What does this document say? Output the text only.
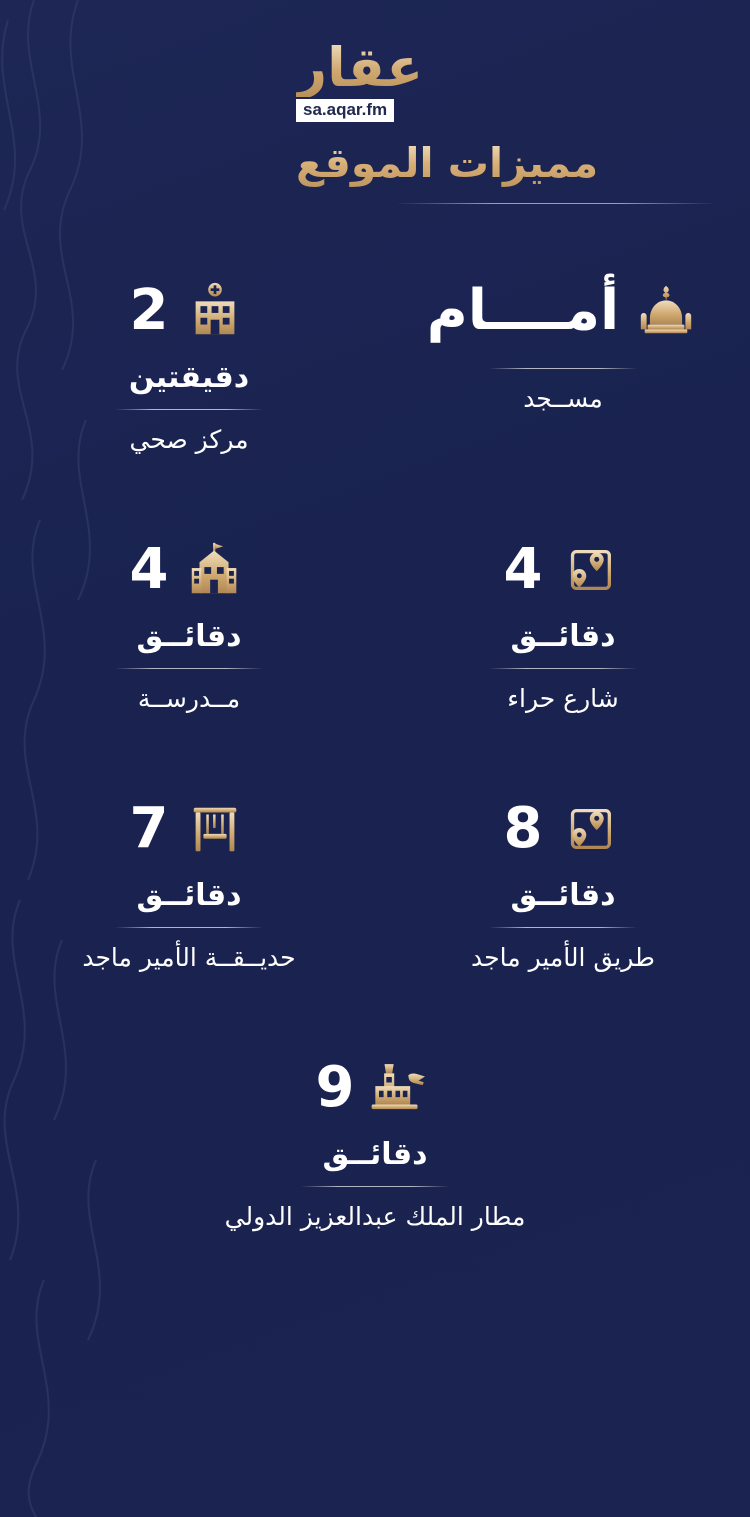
عقار
sa.aqar.fm
مميزات الموقع
أمــــام
مســجد
2
دقيقتين
مركز صحي
4
دقائــق
شارع حراء
4
دقائــق
مــدرســة
8
دقائــق
طريق الأمير ماجد
7
دقائــق
حديــقــة الأمير ماجد
9
دقائــق
مطار الملك عبدالعزيز الدولي
